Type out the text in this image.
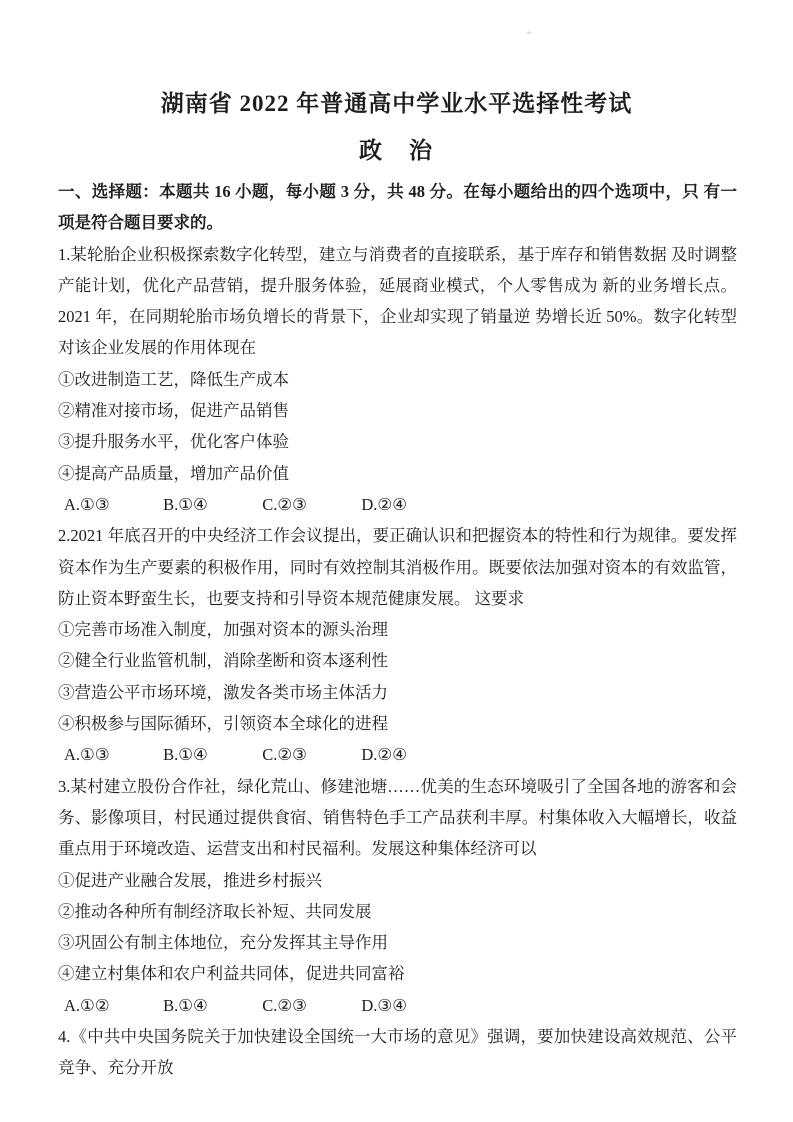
+
湖南省 2022 年普通高中学业水平选择性考试
政　治

一、选择题：本题共 16 小题，每小题 3 分，共 48 分。在每小题给出的四个选项中，只 有一项是符合题目要求的。

1.某轮胎企业积极探索数字化转型，建立与消费者的直接联系，基于库存和销售数据 及时调整产能计划，优化产品营销，提升服务体验，延展商业模式，个人零售成为 新的业务增长点。2021 年，在同期轮胎市场负增长的背景下，企业却实现了销量逆 势增长近 50%。数字化转型对该企业发展的作用体现在

①改进制造工艺，降低生产成本

②精准对接市场，促进产品销售

③提升服务水平，优化客户体验

④提高产品质量，增加产品价值

A.①③	B.①④	C.②③	D.②④

2.2021 年底召开的中央经济工作会议提出，要正确认识和把握资本的特性和行为规律。要发挥资本作为生产要素的积极作用，同时有效控制其消极作用。既要依法加强对资本的有效监管，防止资本野蛮生长，也要支持和引导资本规范健康发展。 这要求

①完善市场准入制度，加强对资本的源头治理

②健全行业监管机制，消除垄断和资本逐利性

③营造公平市场环境，激发各类市场主体活力

④积极参与国际循环，引领资本全球化的进程

A.①③	B.①④	C.②③	D.②④

3.某村建立股份合作社，绿化荒山、修建池塘……优美的生态环境吸引了全国各地的游客和会务、影像项目，村民通过提供食宿、销售特色手工产品获利丰厚。村集体收入大幅增长，收益重点用于环境改造、运营支出和村民福利。发展这种集体经济可以

①促进产业融合发展，推进乡村振兴

②推动各种所有制经济取长补短、共同发展

③巩固公有制主体地位，充分发挥其主导作用

④建立村集体和农户利益共同体，促进共同富裕

A.①②	B.①④	C.②③	D.③④

4.《中共中央国务院关于加快建设全国统一大市场的意见》强调，要加快建设高效规范、公平竞争、充分开放
